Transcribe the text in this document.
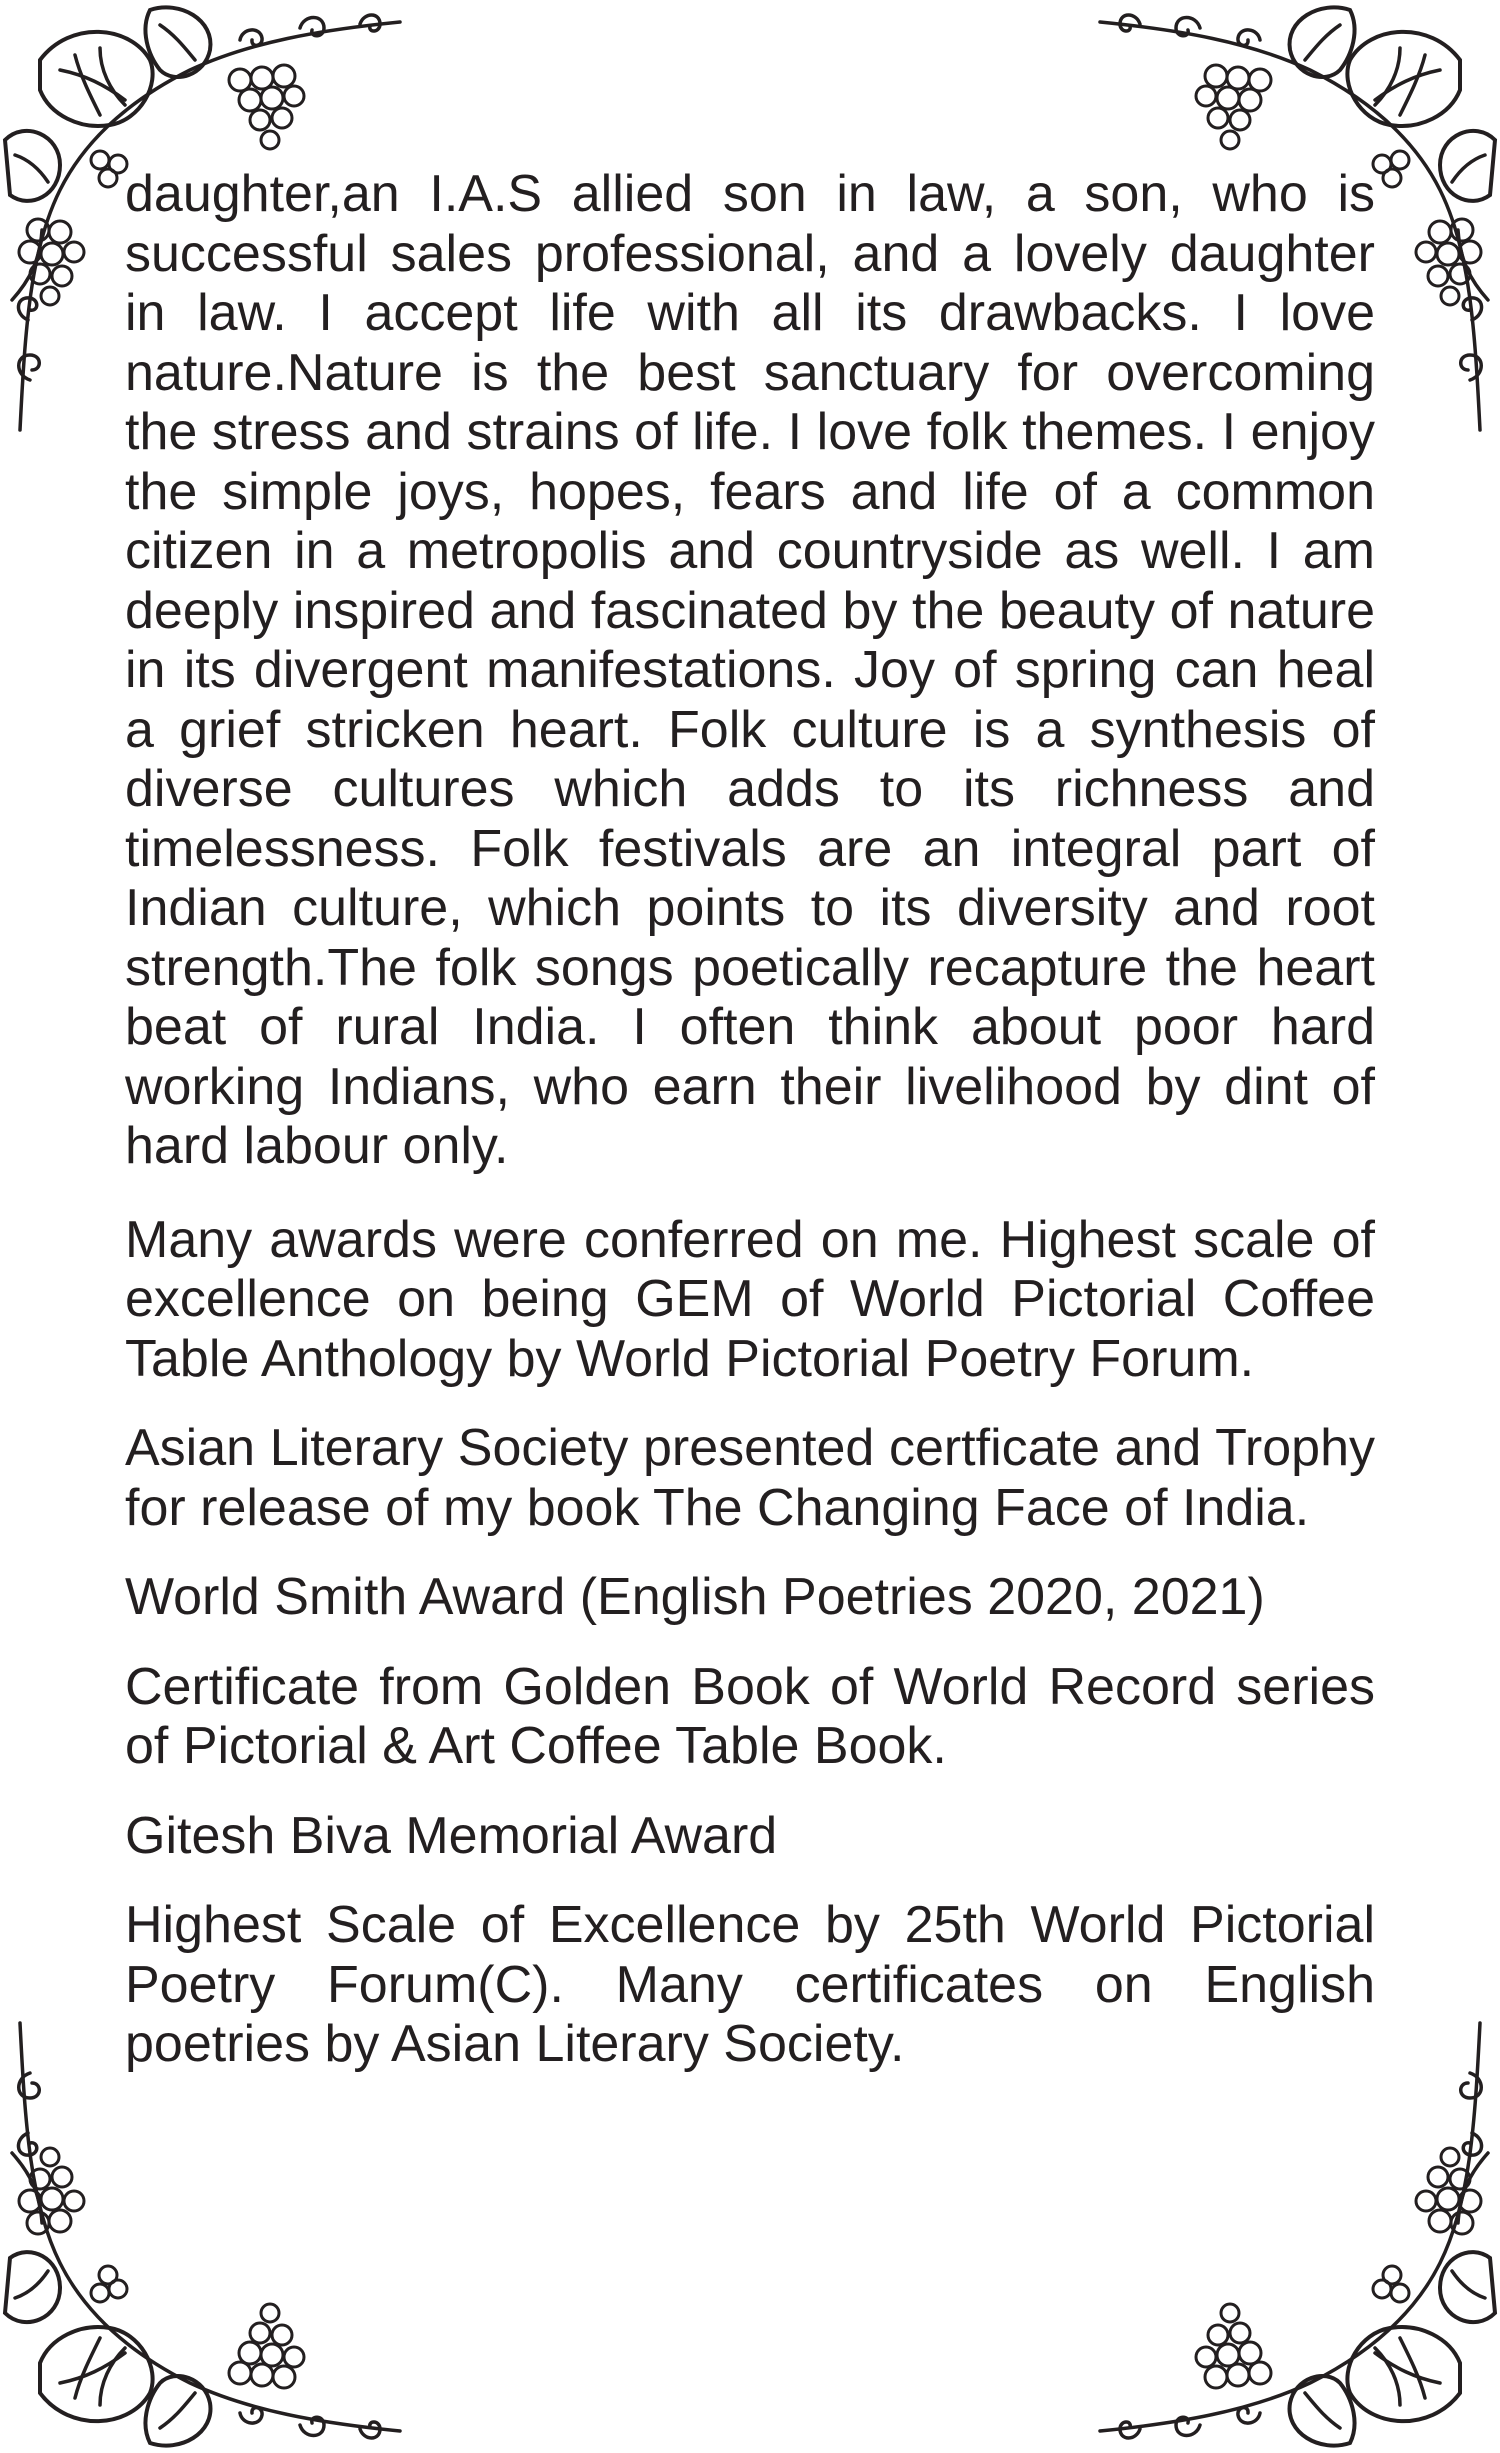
daughter,an I.A.S allied son in law, a son, who is successful sales professional, and a lovely daughter in law. I accept life with all its drawbacks. I love nature.Nature is the best sanctuary for overcoming the stress and strains of life. I love folk themes. I enjoy the simple joys, hopes, fears and life of a common citizen in a metropolis and countryside as well. I am deeply inspired and fascinated by the beauty of nature in its divergent manifestations. Joy of spring can heal a grief stricken heart. Folk culture is a synthesis of diverse cultures which adds to its richness and timelessness. Folk festivals are an integral part of Indian culture, which points to its diversity and root strength.The folk songs poetically recapture the heart beat of rural India. I often think about poor hard working Indians, who earn their livelihood by dint of hard labour only.

Many awards were conferred on me. Highest scale of excellence on being GEM of World Pictorial Coffee Table Anthology by World Pictorial Poetry Forum.

Asian Literary Society presented certficate and Trophy for release of my book The Changing Face of India.

World Smith Award (English Poetries 2020, 2021)

Certificate from Golden Book of World Record series of Pictorial & Art Coffee Table Book.

Gitesh Biva Memorial Award

Highest Scale of Excellence by 25th World Pictorial Poetry Forum(C). Many certificates on English poetries by Asian Literary Society.
